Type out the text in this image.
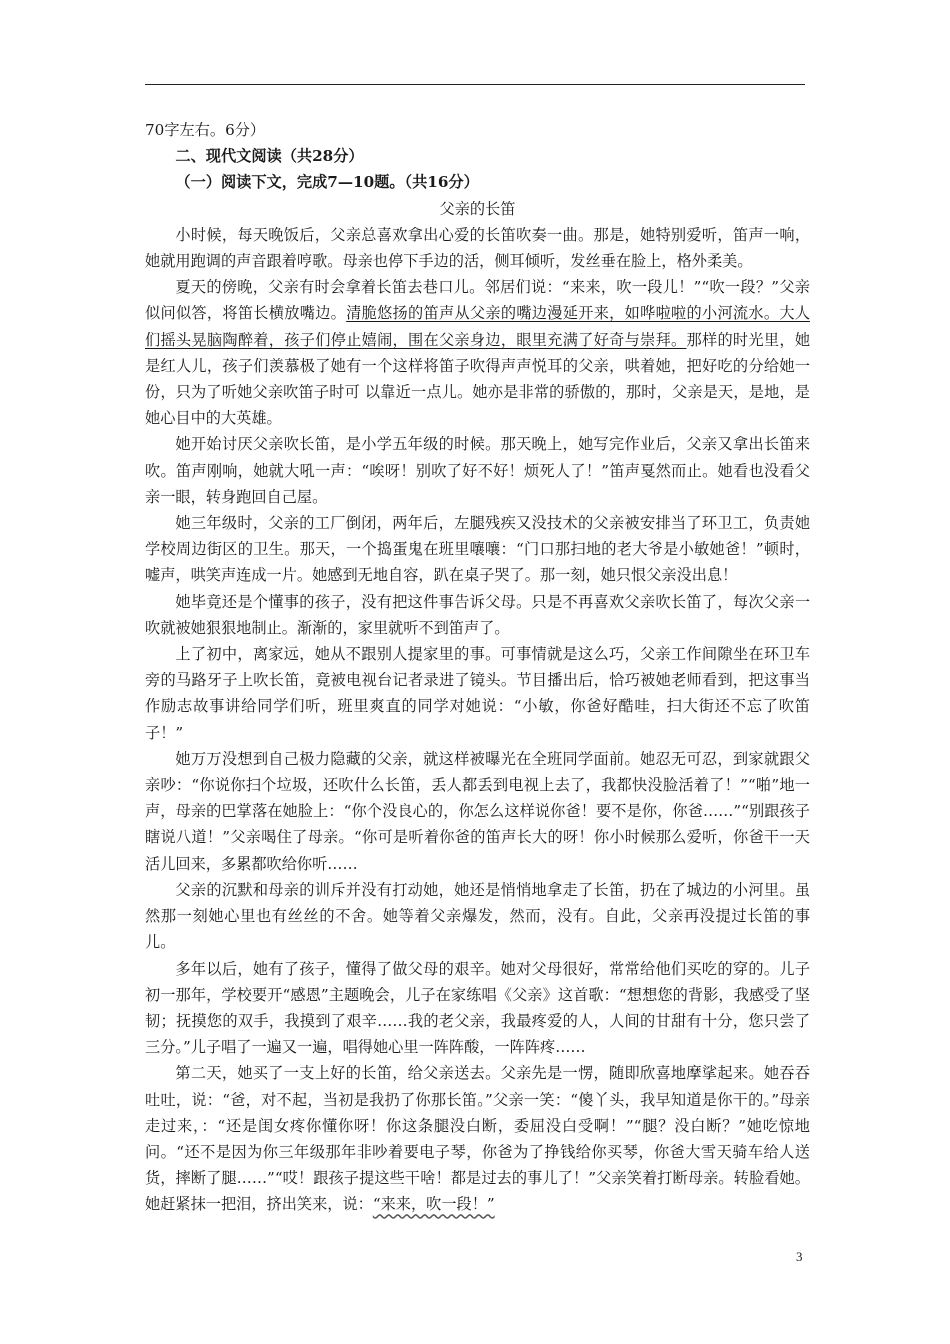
70字左右。6分）

二、现代文阅读（共28分）

（一）阅读下文，完成7—10题。（共16分）

父亲的长笛

小时候，每天晚饭后，父亲总喜欢拿出心爱的长笛吹奏一曲。那是，她特别爱听，笛声一响，她就用跑调的声音跟着哼歌。母亲也停下手边的活，侧耳倾听，发丝垂在脸上，格外柔美。

夏天的傍晚，父亲有时会拿着长笛去巷口儿。邻居们说：“来来，吹一段儿！”“吹一段？”父亲似问似答，将笛长横放嘴边。清脆悠扬的笛声从父亲的嘴边漫延开来，如哗啦啦的小河流水。大人们摇头晃脑陶醉着，孩子们停止嬉闹，围在父亲身边，眼里充满了好奇与崇拜。那样的时光里，她是红人儿，孩子们羡慕极了她有一个这样将笛子吹得声声悦耳的父亲，哄着她，把好吃的分给她一份，只为了听她父亲吹笛子时可 以靠近一点儿。她亦是非常的骄傲的，那时，父亲是天，是地，是她心目中的大英雄。

她开始讨厌父亲吹长笛，是小学五年级的时候。那天晚上，她写完作业后，父亲又拿出长笛来吹。笛声刚响，她就大吼一声：“唉呀！别吹了好不好！烦死人了！”笛声戛然而止。她看也没看父亲一眼，转身跑回自己屋。

她三年级时，父亲的工厂倒闭，两年后，左腿残疾又没技术的父亲被安排当了环卫工，负责她学校周边街区的卫生。那天，一个捣蛋鬼在班里嚷嚷：“门口那扫地的老大爷是小敏她爸！”顿时，嘘声，哄笑声连成一片。她感到无地自容，趴在桌子哭了。那一刻，她只恨父亲没出息！

她毕竟还是个懂事的孩子，没有把这件事告诉父母。只是不再喜欢父亲吹长笛了，每次父亲一吹就被她狠狠地制止。渐渐的，家里就听不到笛声了。

上了初中，离家远，她从不跟别人提家里的事。可事情就是这么巧，父亲工作间隙坐在环卫车旁的马路牙子上吹长笛，竟被电视台记者录进了镜头。节目播出后，恰巧被她老师看到，把这事当作励志故事讲给同学们听，班里爽直的同学对她说：“小敏，你爸好酷哇，扫大街还不忘了吹笛子！”

她万万没想到自己极力隐藏的父亲，就这样被曝光在全班同学面前。她忍无可忍，到家就跟父亲吵：“你说你扫个垃圾，还吹什么长笛，丢人都丢到电视上去了，我都快没脸活着了！”“啪”地一声，母亲的巴掌落在她脸上：“你个没良心的，你怎么这样说你爸！要不是你，你爸……”“别跟孩子瞎说八道！”父亲喝住了母亲。“你可是听着你爸的笛声长大的呀！你小时候那么爱听，你爸干一天活儿回来，多累都吹给你听……

父亲的沉默和母亲的训斥并没有打动她，她还是悄悄地拿走了长笛，扔在了城边的小河里。虽然那一刻她心里也有丝丝的不舍。她等着父亲爆发，然而，没有。自此，父亲再没提过长笛的事儿。

多年以后，她有了孩子，懂得了做父母的艰辛。她对父母很好，常常给他们买吃的穿的。儿子初一那年，学校要开“感恩”主题晚会，儿子在家练唱《父亲》这首歌：“想想您的背影，我感受了坚韧；抚摸您的双手，我摸到了艰辛……我的老父亲，我最疼爱的人，人间的甘甜有十分，您只尝了三分。”儿子唱了一遍又一遍，唱得她心里一阵阵酸，一阵阵疼……

第二天，她买了一支上好的长笛，给父亲送去。父亲先是一愣，随即欣喜地摩挲起来。她吞吞吐吐，说：“爸，对不起，当初是我扔了你那长笛。”父亲一笑：“傻丫头，我早知道是你干的。”母亲走过来，：“还是闺女疼你懂你呀！你这条腿没白断，委屈没白受啊！”“腿？没白断？”她吃惊地问。“还不是因为你三年级那年非吵着要电子琴，你爸为了挣钱给你买琴，你爸大雪天骑车给人送货，摔断了腿……”“哎！跟孩子提这些干啥！都是过去的事儿了！”父亲笑着打断母亲。转脸看她。她赶紧抹一把泪，挤出笑来，说：“来来，吹一段！”

3
